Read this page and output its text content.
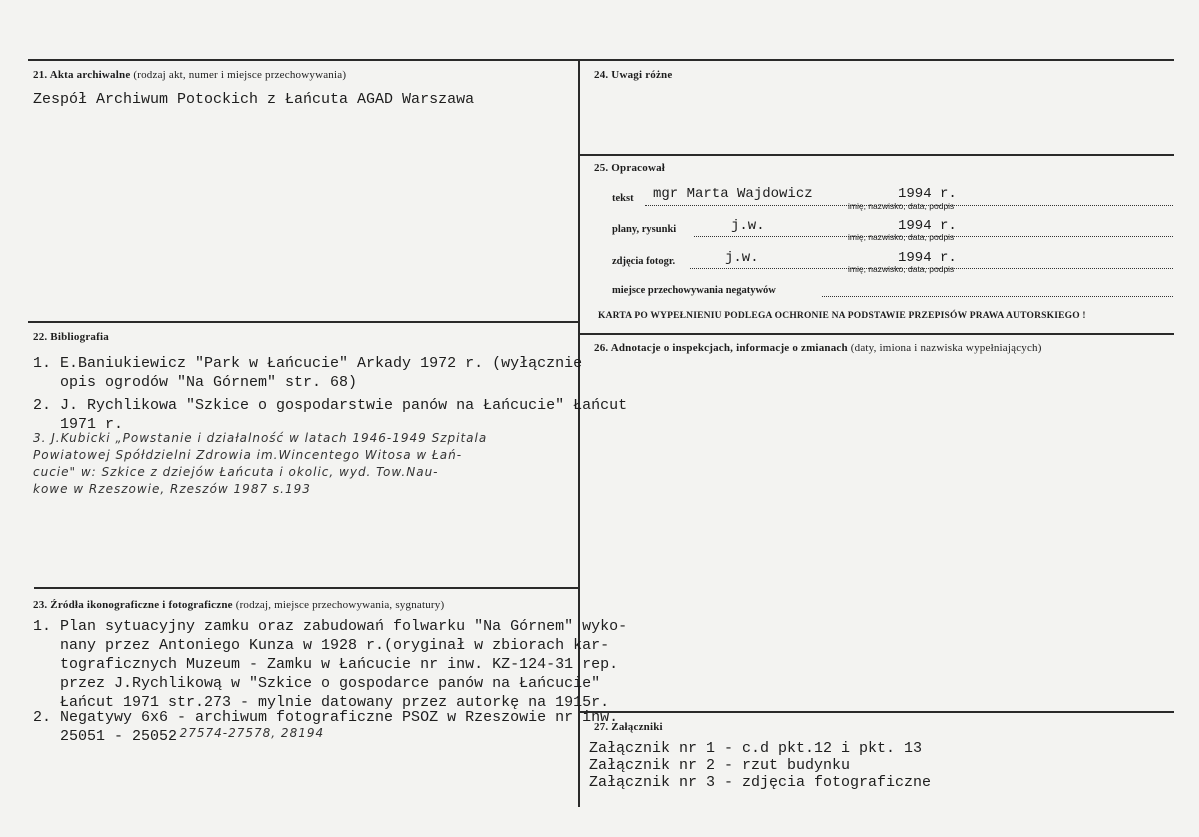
21. Akta archiwalne (rodzaj akt, numer i miejsce przechowywania)
Zespół Archiwum Potockich z Łańcuta AGAD Warszawa
24. Uwagi różne
25. Opracował
tekst mgr Marta Wajdowicz	1994 r.
imię, nazwisko, data, podpis
plany, rysunki	j.w.	1994 r.
imię, nazwisko, data, podpis
zdjęcia fotogr.	j.w.	1994 r.
imię, nazwisko, data, podpis
miejsce przechowywania negatywów
KARTA PO WYPEŁNIENIU PODLEGA OCHRONIE NA PODSTAWIE PRZEPISÓW PRAWA AUTORSKIEGO !
22. Bibliografia
1. E.Baniukiewicz "Park w Łańcucie" Arkady 1972 r. (wyłącznie
opis ogrodów "Na Górnem" str. 68)
2. J. Rychlikowa "Szkice o gospodarstwie panów na Łańcucie" Łańcut
1971 r.
3. J.Kubicki „Powstanie i działalność w latach 1946-1949 Szpitala
Powiatowej Spółdzielni Zdrowia im.Wincentego Witosa w Łań-
cucie" w: Szkice z dziejów Łańcuta i okolic, wyd. Tow.Nau-
kowe w Rzeszowie, Rzeszów 1987 s.193
26. Adnotacje o inspekcjach, informacje o zmianach (daty, imiona i nazwiska wypełniających)
23. Źródła ikonograficzne i fotograficzne (rodzaj, miejsce przechowywania, sygnatury)
1. Plan sytuacyjny zamku oraz zabudowań folwarku "Na Górnem" wyko-
nany przez Antoniego Kunza w 1928 r.(oryginał w zbiorach kar-
tograficznych Muzeum - Zamku w Łańcucie nr inw. KZ-124-31 rep.
przez J.Rychlikową w "Szkice o gospodarce panów na Łańcucie"
Łańcut 1971 str.273 - mylnie datowany przez autorkę na 1915r.
2. Negatywy 6x6 - archiwum fotograficzne PSOZ w Rzeszowie nr inw.
25051 - 25052
, 27574-27578, 28194	27. Załączniki
Załącznik nr 1 - c.d pkt.12 i pkt. 13
Załącznik nr 2 - rzut budynku
Załącznik nr 3 - zdjęcia fotograficzne
